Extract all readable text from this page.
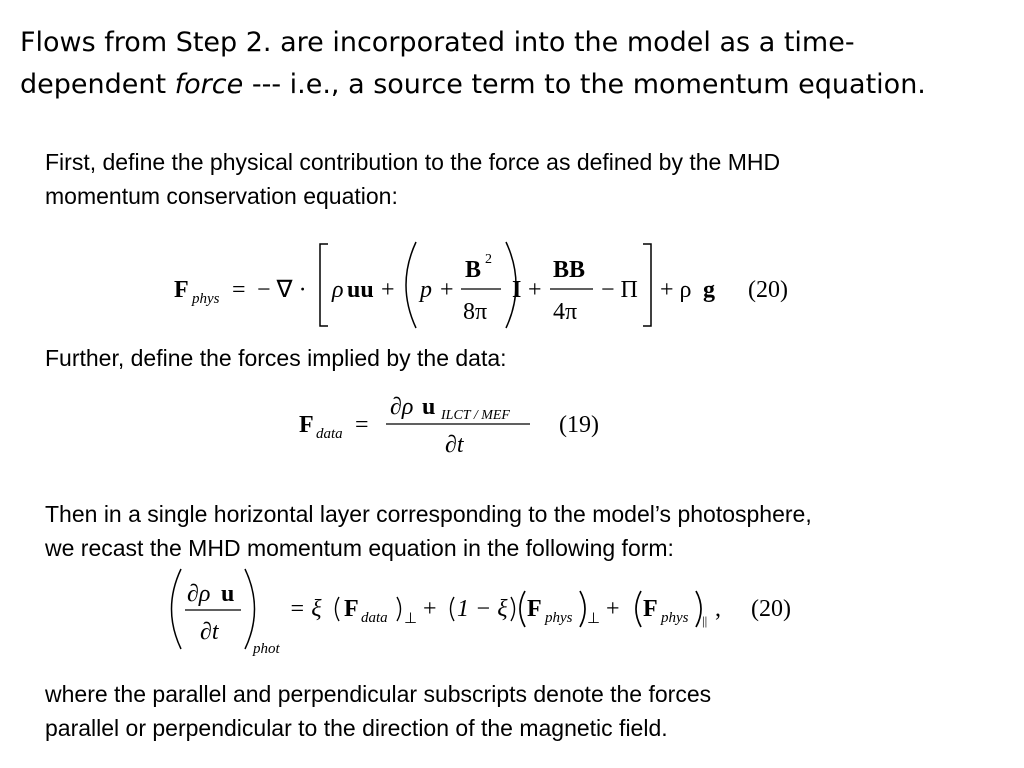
Flows from Step 2. are incorporated into the model as a time-
dependent force --- i.e., a source term to the momentum equation.
First, define the physical contribution to the force as defined by the MHD
momentum conservation equation:
F phys = − ∇ · ρ uu + p +
B 2
8π
I +
BB
4π
− Π + ρ g (20)
Further, define the forces implied by the data:
F data =
∂ρ u ILCT / MEF
∂t
(19)
Then in a single horizontal layer corresponding to the model’s photosphere,
we recast the MHD momentum equation in the following form:
∂ρ u
∂t
phot
= ξ F data ⊥ + 1 − ξ F phys ⊥ + F phys || , (20)
where the parallel and perpendicular subscripts denote the forces
parallel or perpendicular to the direction of the magnetic field.
